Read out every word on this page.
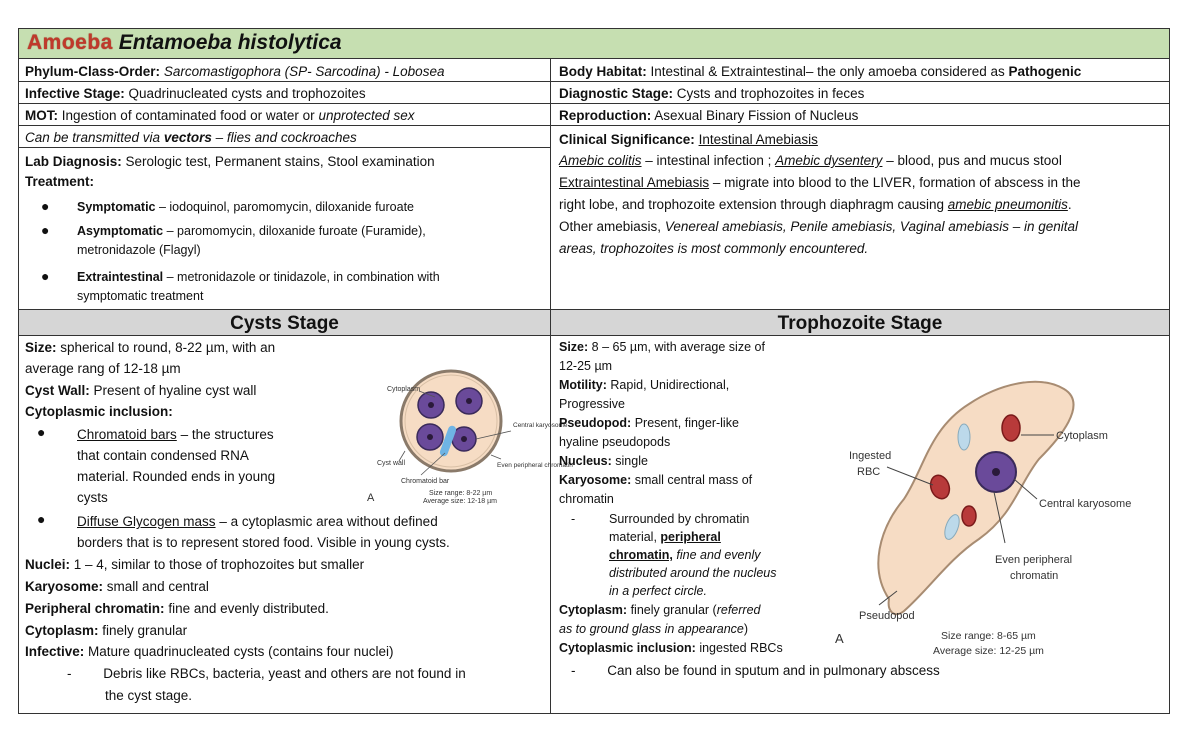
Amoeba Entamoeba histolytica
Phylum-Class-Order: Sarcomastigophora (SP- Sarcodina) - Lobosea	Body Habitat: Intestinal & Extraintestinal– the only amoeba considered as Pathogenic
Infective Stage: Quadrinucleated cysts and trophozoites	Diagnostic Stage: Cysts and trophozoites in feces
MOT: Ingestion of contaminated food or water or unprotected sex	Reproduction: Asexual Binary Fission of Nucleus
Can be transmitted via vectors – flies and cockroaches
Lab Diagnosis: Serologic test, Permanent stains, Stool examination
Treatment:
● Symptomatic – iodoquinol, paromomycin, diloxanide furoate
● Asymptomatic – paromomycin, diloxanide furoate (Furamide),
metronidazole (Flagyl)
● Extraintestinal – metronidazole or tinidazole, in combination with
symptomatic treatment
Clinical Significance: Intestinal Amebiasis
Amebic colitis – intestinal infection ; Amebic dysentery – blood, pus and mucus stool
Extraintestinal Amebiasis – migrate into blood to the LIVER, formation of abscess in the
right lobe, and trophozoite extension through diaphragm causing amebic pneumonitis.
Other amebiasis, Venereal amebiasis, Penile amebiasis, Vaginal amebiasis – in genital
areas, trophozoites is most commonly encountered.
Cysts Stage	Trophozoite Stage
Size: spherical to round, 8-22 µm, with an
average rang of 12-18 µm
Cyst Wall: Present of hyaline cyst wall
Cytoplasmic inclusion:
● Chromatoid bars – the structures
that contain condensed RNA
material. Rounded ends in young
cysts
● Diffuse Glycogen mass – a cytoplasmic area without defined
borders that is to represent stored food. Visible in young cysts.
Nuclei: 1 – 4, similar to those of trophozoites but smaller
Karyosome: small and central
Peripheral chromatin: fine and evenly distributed.
Cytoplasm: finely granular
Infective: Mature quadrinucleated cysts (contains four nuclei)
- Debris like RBCs, bacteria, yeast and others are not found in
the cyst stage.
Cytoplasm
Central karyosome
Even peripheral chromatin
Cyst wall
Chromatoid bar
A	Size range: 8-22 µm
Average size: 12-18 µm
Size: 8 – 65 µm, with average size of
12-25 µm
Motility: Rapid, Unidirectional,
Progressive
Pseudopod: Present, finger-like
hyaline pseudopods
Nucleus: single
Karyosome: small central mass of
chromatin
-	Surrounded by chromatin
material, peripheral
chromatin, fine and evenly
distributed around the nucleus
in a perfect circle.
Cytoplasm: finely granular (referred
as to ground glass in appearance)
Cytoplasmic inclusion: ingested RBCs
- Can also be found in sputum and in pulmonary abscess
Cytoplasm
Ingested
RBC
Central karyosome
Even peripheral
chromatin
Pseudopod
A	Size range: 8-65 µm
Average size: 12-25 µm
